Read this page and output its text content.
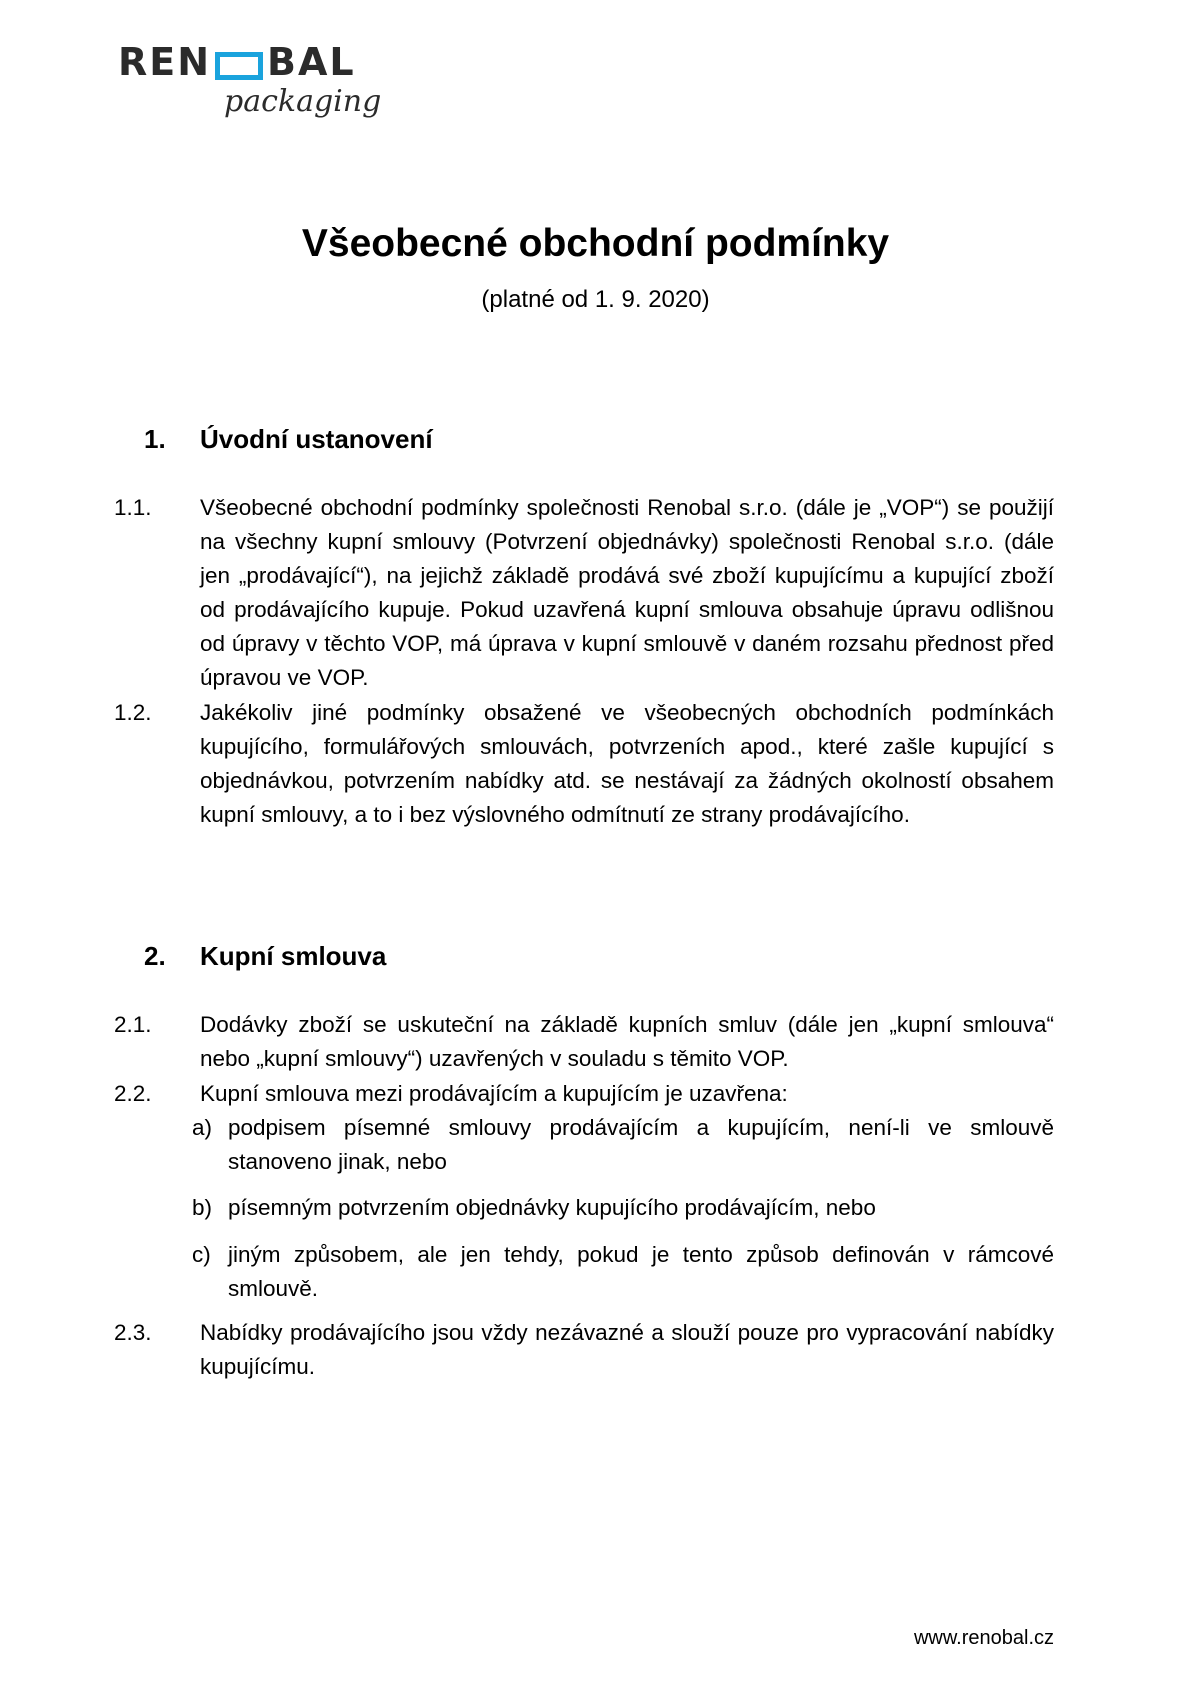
REN BAL
packaging
Všeobecné obchodní podmínky
(platné od 1. 9. 2020)
1. Úvodní ustanovení
1.1. Všeobecné obchodní podmínky společnosti Renobal s.r.o. (dále je „VOP“) se použijí na všechny kupní smlouvy (Potvrzení objednávky) společnosti Renobal s.r.o. (dále jen „prodávající“), na jejichž základě prodává své zboží kupujícímu a kupující zboží od prodávajícího kupuje. Pokud uzavřená kupní smlouva obsahuje úpravu odlišnou od úpravy v těchto VOP, má úprava v kupní smlouvě v daném rozsahu přednost před úpravou ve VOP.
1.2. Jakékoliv jiné podmínky obsažené ve všeobecných obchodních podmínkách kupujícího, formulářových smlouvách, potvrzeních apod., které zašle kupující s objednávkou, potvrzením nabídky atd. se nestávají za žádných okolností obsahem kupní smlouvy, a to i bez výslovného odmítnutí ze strany prodávajícího.
2. Kupní smlouva
2.1. Dodávky zboží se uskuteční na základě kupních smluv (dále jen „kupní smlouva“ nebo „kupní smlouvy“) uzavřených v souladu s těmito VOP.
2.2. Kupní smlouva mezi prodávajícím a kupujícím je uzavřena:
a) podpisem písemné smlouvy prodávajícím a kupujícím, není-li ve smlouvě stanoveno jinak, nebo
b) písemným potvrzením objednávky kupujícího prodávajícím, nebo
c) jiným způsobem, ale jen tehdy, pokud je tento způsob definován v rámcové smlouvě.
2.3. Nabídky prodávajícího jsou vždy nezávazné a slouží pouze pro vypracování nabídky kupujícímu.
www.renobal.cz
